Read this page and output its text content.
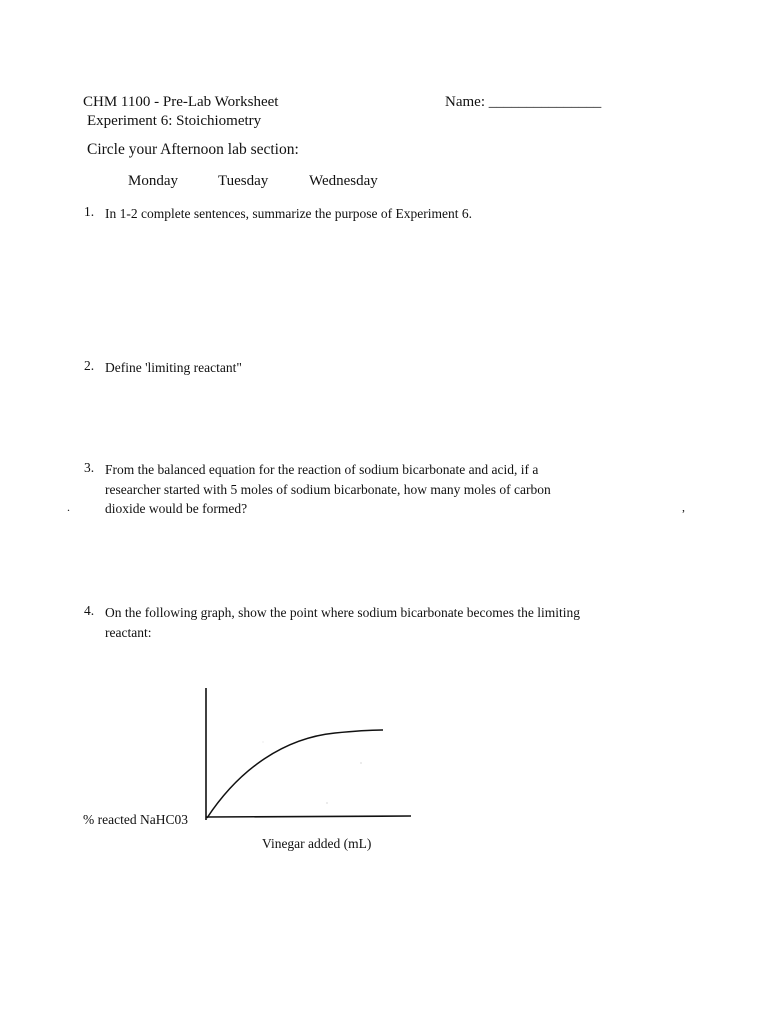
CHM 1100 - Pre-Lab Worksheet	Name: _______________
Experiment 6: Stoichiometry
Circle your Afternoon lab section:
Monday	Tuesday	Wednesday
1. In 1-2 complete sentences, summarize the purpose of Experiment 6.
2. Define 'limiting reactant"
3. From the balanced equation for the reaction of sodium bicarbonate and acid, if a
researcher started with 5 moles of sodium bicarbonate, how many moles of carbon
dioxide would be formed?
.	,
4. On the following graph, show the point where sodium bicarbonate becomes the limiting
reactant:
% reacted NaHC03
Vinegar added (mL)
